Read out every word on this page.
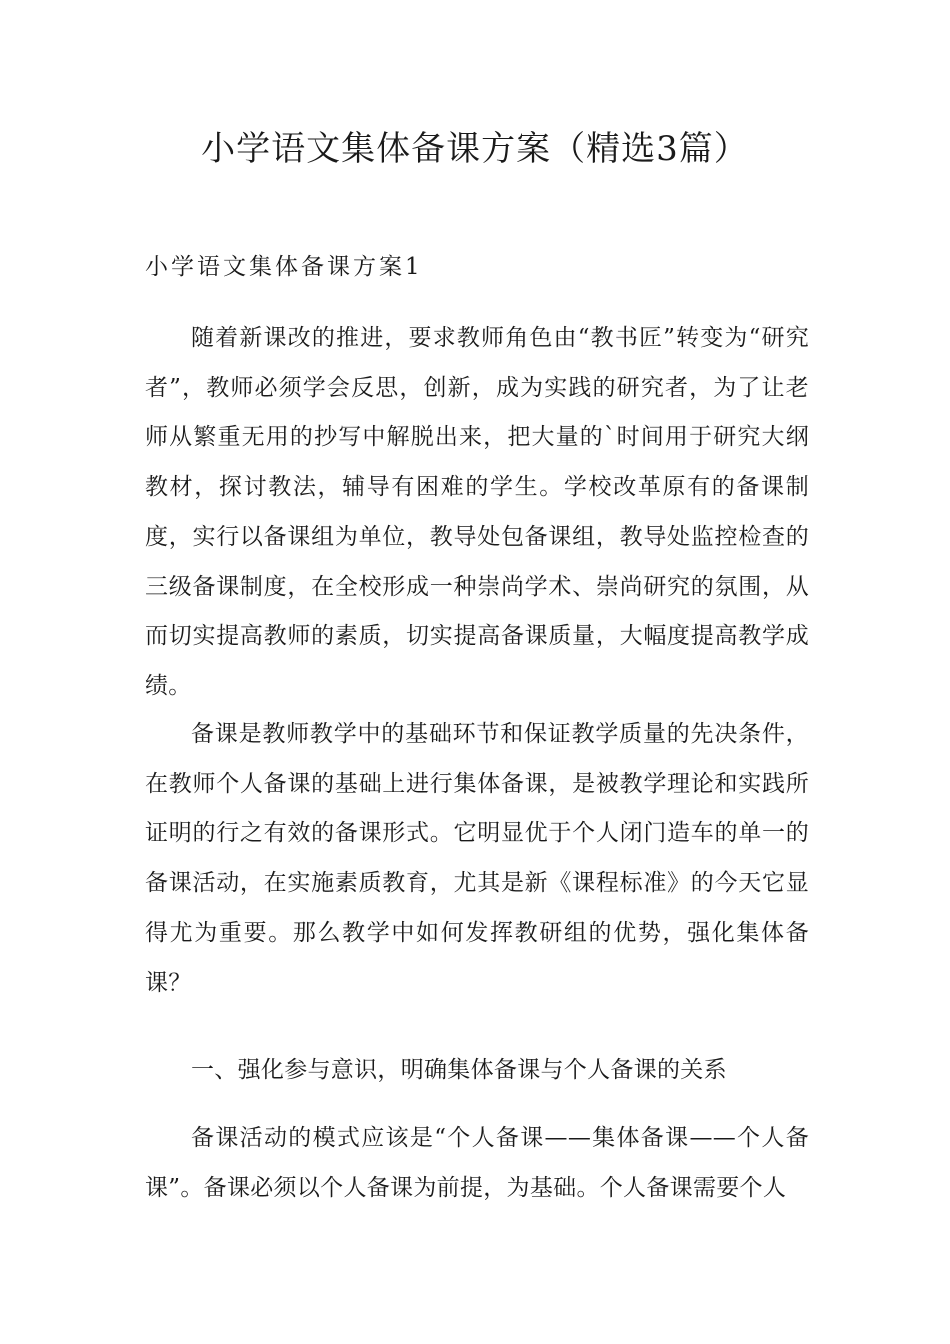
小学语文集体备课方案（精选3篇）
小学语文集体备课方案1

随着新课改的推进，要求教师角色由“教书匠”转变为“研究者”，教师必须学会反思，创新，成为实践的研究者，为了让老师从繁重无用的抄写中解脱出来，把大量的`时间用于研究大纲教材，探讨教法，辅导有困难的学生。学校改革原有的备课制度，实行以备课组为单位，教导处包备课组，教导处监控检查的三级备课制度，在全校形成一种崇尚学术、崇尚研究的氛围，从而切实提高教师的素质，切实提高备课质量，大幅度提高教学成绩。

备课是教师教学中的基础环节和保证教学质量的先决条件，在教师个人备课的基础上进行集体备课，是被教学理论和实践所证明的行之有效的备课形式。它明显优于个人闭门造车的单一的备课活动，在实施素质教育，尤其是新《课程标准》的今天它显得尤为重要。那么教学中如何发挥教研组的优势，强化集体备课？

一、强化参与意识，明确集体备课与个人备课的关系

备课活动的模式应该是“个人备课——集体备课——个人备课”。备课必须以个人备课为前提，为基础。个人备课需要个人
